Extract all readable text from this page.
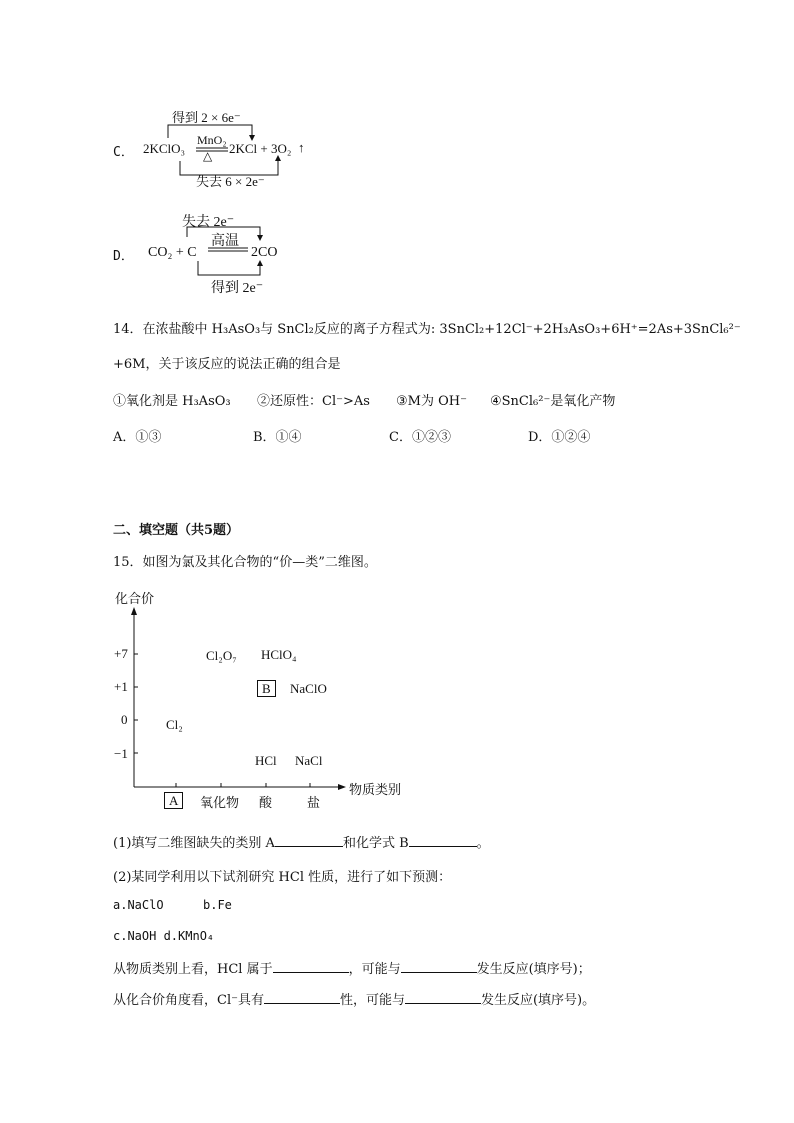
C．
得到 2 × 6e⁻
MnO₂
△
2KClO₃	2KCl + 3O₂ ↑
失去 6 × 2e⁻
D．
失去 2e⁻
高温
CO₂ + C	2CO
得到 2e⁻
14．在浓盐酸中 H₃AsO₃与 SnCl₂反应的离子方程式为: 3SnCl₂+12Cl⁻+2H₃AsO₃+6H⁺=2As+3SnCl₆²⁻
+6M，关于该反应的说法正确的组合是
①氧化剂是 H₃AsO₃ ②还原性：Cl⁻>As ③M为 OH⁻ ④SnCl₆²⁻是氧化产物
A．①③	B．①④	C．①②③	D．①②④
二、填空题（共5题）
15．如图为氯及其化合物的“价—类”二维图。
化合价
+7
+1
0
−1
A	氧化物 酸	盐
物质类别
Cl₂O₇ HClO₄
B	NaClO
Cl₂
HCl NaCl
(1)填写二维图缺失的类别 A	和化学式 B	。
(2)某同学利用以下试剂研究 HCl 性质，进行了如下预测：
a.NaClO	b.Fe
c.NaOH d.KMnO₄
从物质类别上看，HCl 属于	，可能与	发生反应(填序号)；
从化合价角度看，Cl⁻具有	性，可能与	发生反应(填序号)。
